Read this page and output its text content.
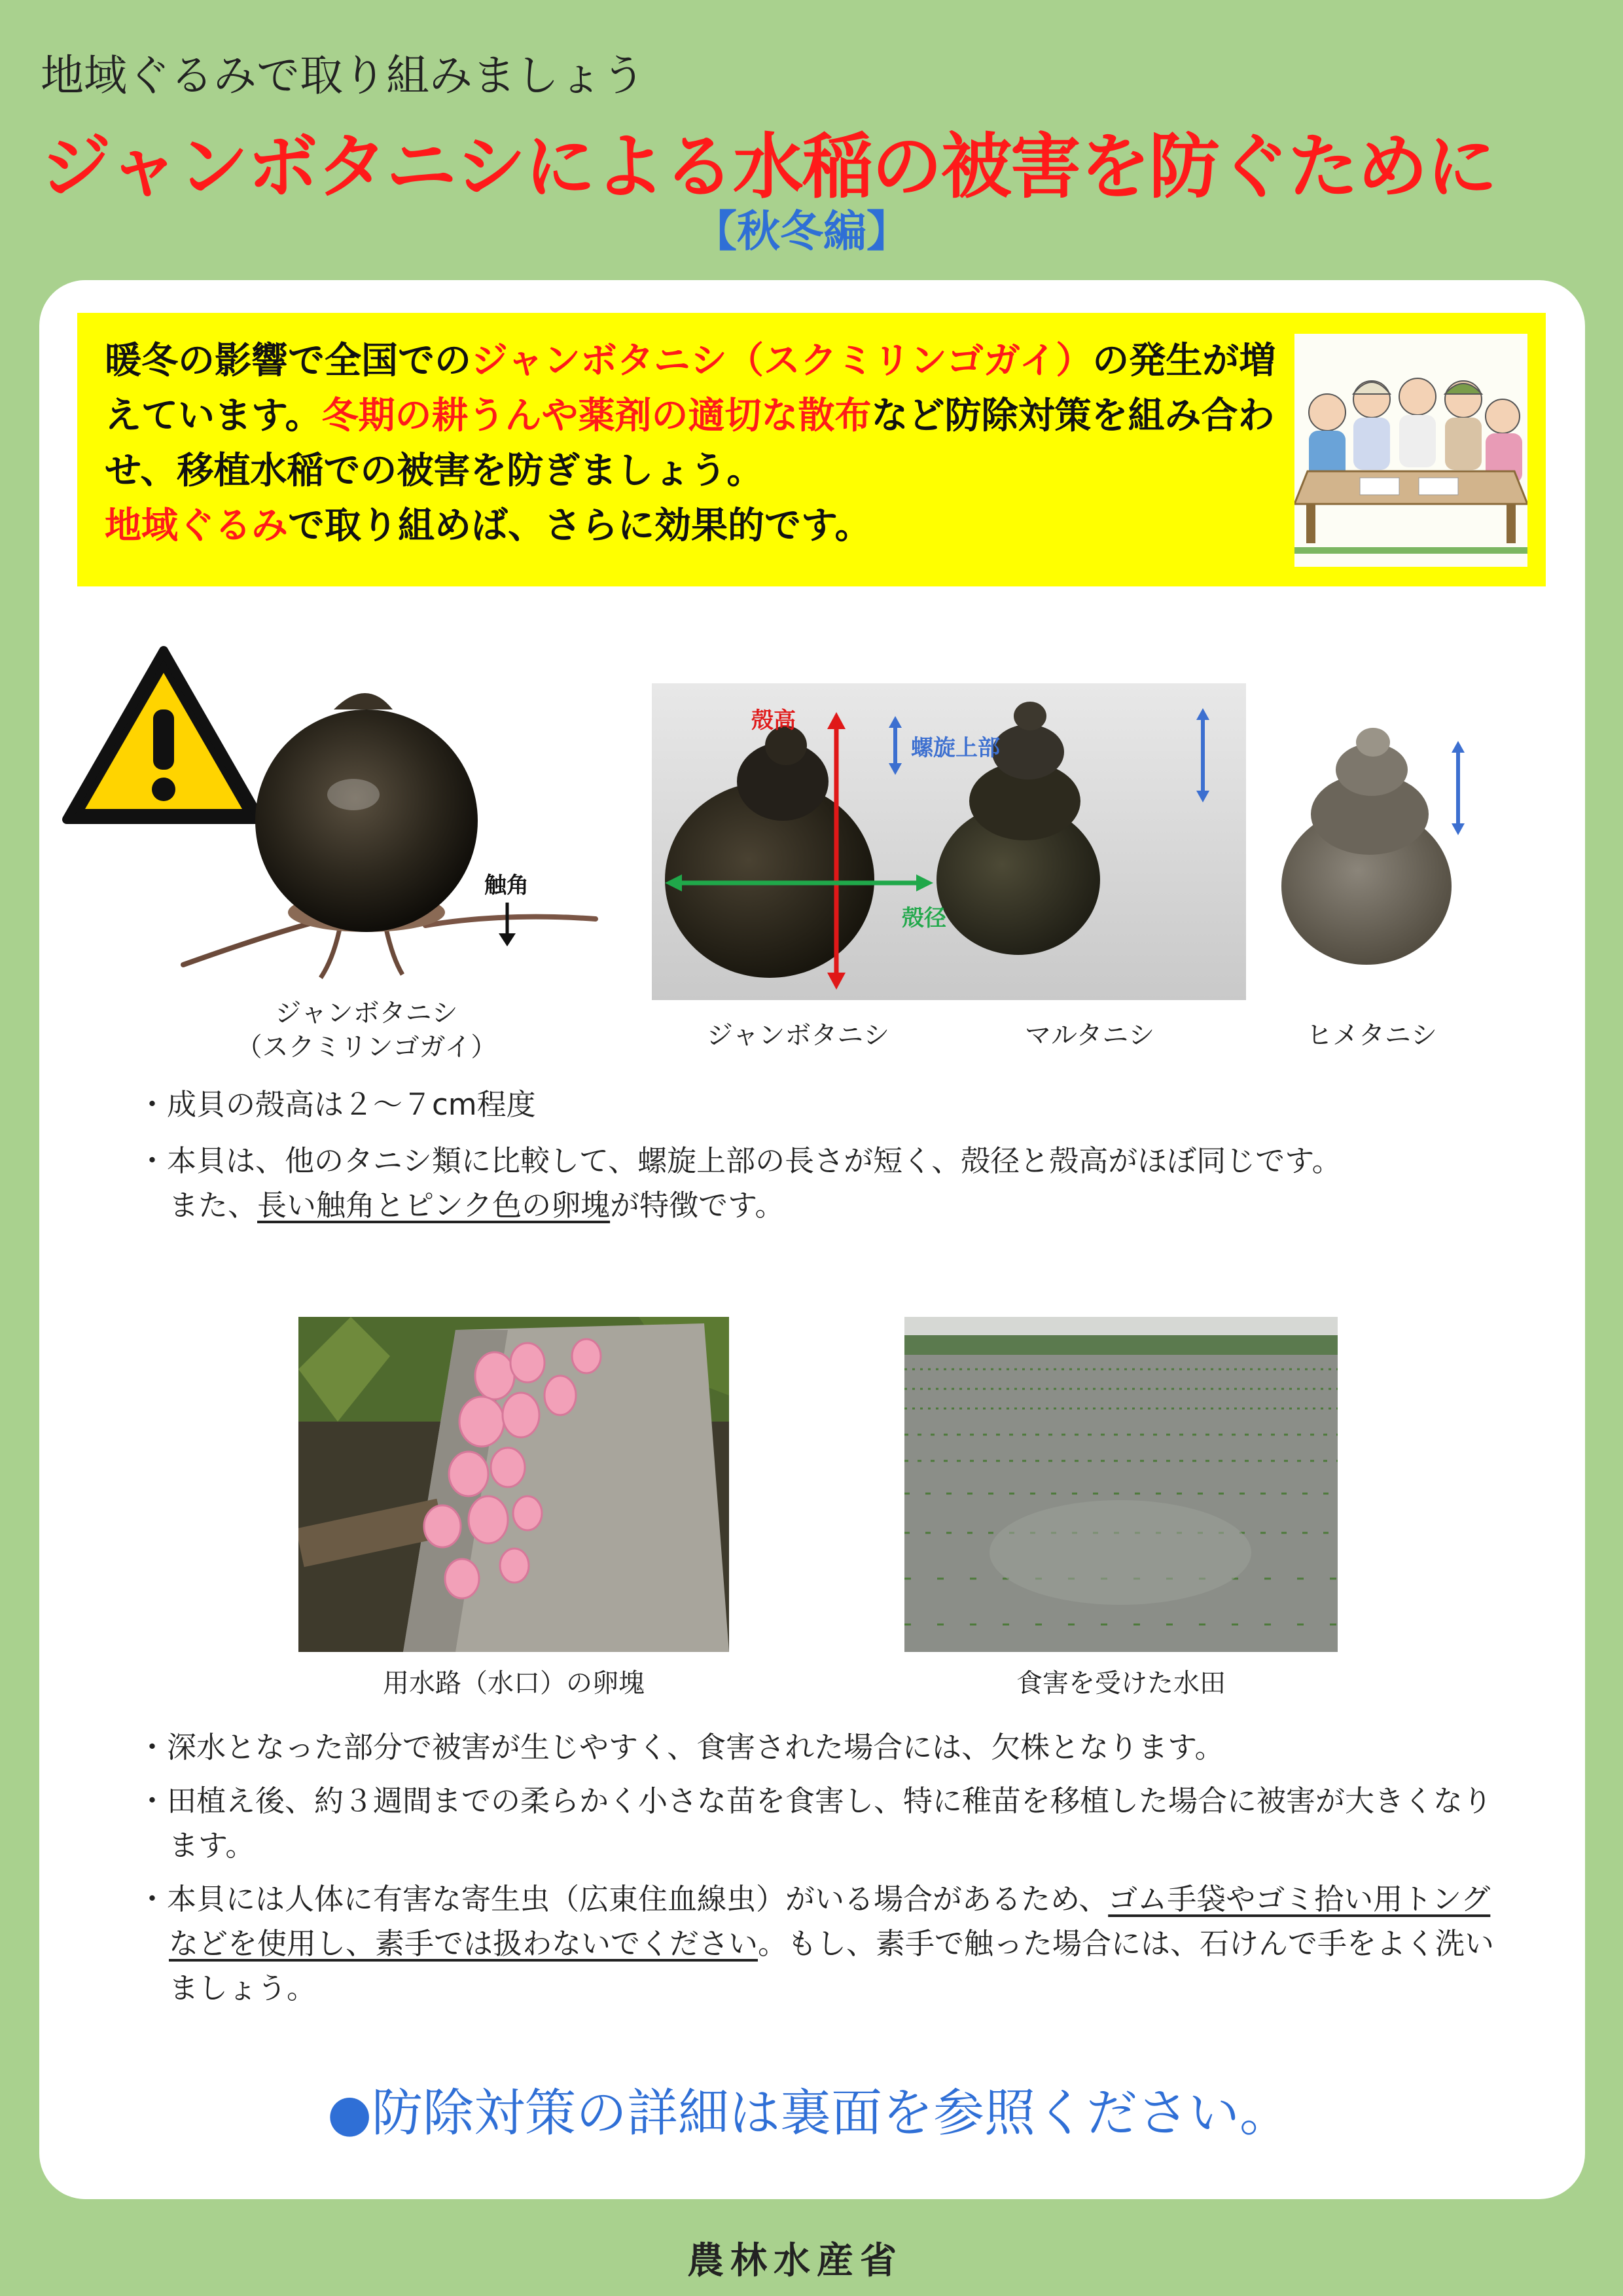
地域ぐるみで取り組みましょう
ジャンボタニシによる水稲の被害を防ぐために
【秋冬編】
暖冬の影響で全国でのジャンボタニシ（スクミリンゴガイ）の発生が増えています。冬期の耕うんや薬剤の適切な散布など防除対策を組み合わせ、移植水稲での被害を防ぎましょう。
地域ぐるみで取り組めば、さらに効果的です。
触角
ジャンボタニシ
（スクミリンゴガイ）
殻高
螺旋上部
殻径
ジャンボタニシ	マルタニシ	ヒメタニシ

・成貝の殻高は２～７cm程度

・本貝は、他のタニシ類に比較して、螺旋上部の長さが短く、殻径と殻高がほぼ同じです。
また、長い触角とピンク色の卵塊が特徴です。

用水路（水口）の卵塊	食害を受けた水田

・深水となった部分で被害が生じやすく、食害された場合には、欠株となります。

・田植え後、約３週間までの柔らかく小さな苗を食害し、特に稚苗を移植した場合に被害が大きくなります。

・本貝には人体に有害な寄生虫（広東住血線虫）がいる場合があるため、ゴム手袋やゴミ拾い用トングなどを使用し、素手では扱わないでください。もし、素手で触った場合には、石けんで手をよく洗いましょう。

●防除対策の詳細は裏面を参照ください。
農林水産省
